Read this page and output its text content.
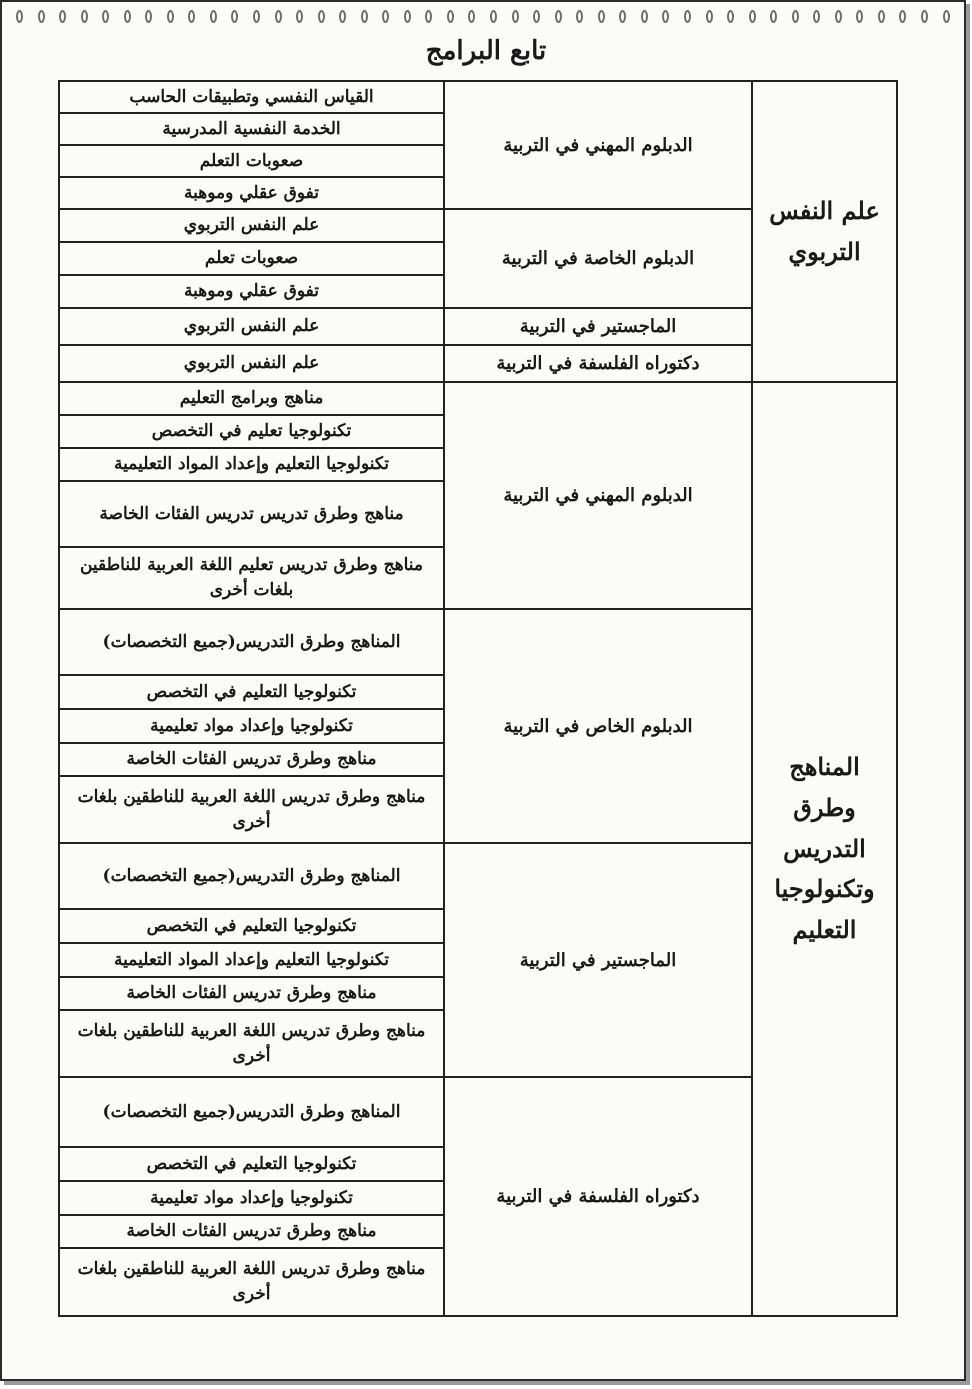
تابع البرامج
علم النفس التربوي	الدبلوم المهني في التربية	القياس النفسي وتطبيقات الحاسب
		الخدمة النفسية المدرسية
		صعوبات التعلم
		تفوق عقلي وموهبة
	الدبلوم الخاصة في التربية	علم النفس التربوي
		صعوبات تعلم
		تفوق عقلي وموهبة
	الماجستير في التربية	علم النفس التربوي
	دكتوراه الفلسفة في التربية	علم النفس التربوي
المناهج وطرق التدريس وتكنولوجيا التعليم	الدبلوم المهني في التربية	مناهج وبرامج التعليم
		تكنولوجيا تعليم في التخصص
		تكنولوجيا التعليم وإعداد المواد التعليمية
		مناهج وطرق تدريس تدريس الفئات الخاصة
		مناهج وطرق تدريس تعليم اللغة العربية للناطقين بلغات أخرى
	الدبلوم الخاص في التربية	المناهج وطرق التدريس(جميع التخصصات)
		تكنولوجيا التعليم في التخصص
		تكنولوجيا وإعداد مواد تعليمية
		مناهج وطرق تدريس الفئات الخاصة
		مناهج وطرق تدريس اللغة العربية للناطقين بلغات أخرى
	الماجستير في التربية	المناهج وطرق التدريس(جميع التخصصات)
		تكنولوجيا التعليم في التخصص
		تكنولوجيا التعليم وإعداد المواد التعليمية
		مناهج وطرق تدريس الفئات الخاصة
		مناهج وطرق تدريس اللغة العربية للناطقين بلغات أخرى
	دكتوراه الفلسفة في التربية	المناهج وطرق التدريس(جميع التخصصات)
		تكنولوجيا التعليم في التخصص
		تكنولوجيا وإعداد مواد تعليمية
		مناهج وطرق تدريس الفئات الخاصة
		مناهج وطرق تدريس اللغة العربية للناطقين بلغات أخرى
